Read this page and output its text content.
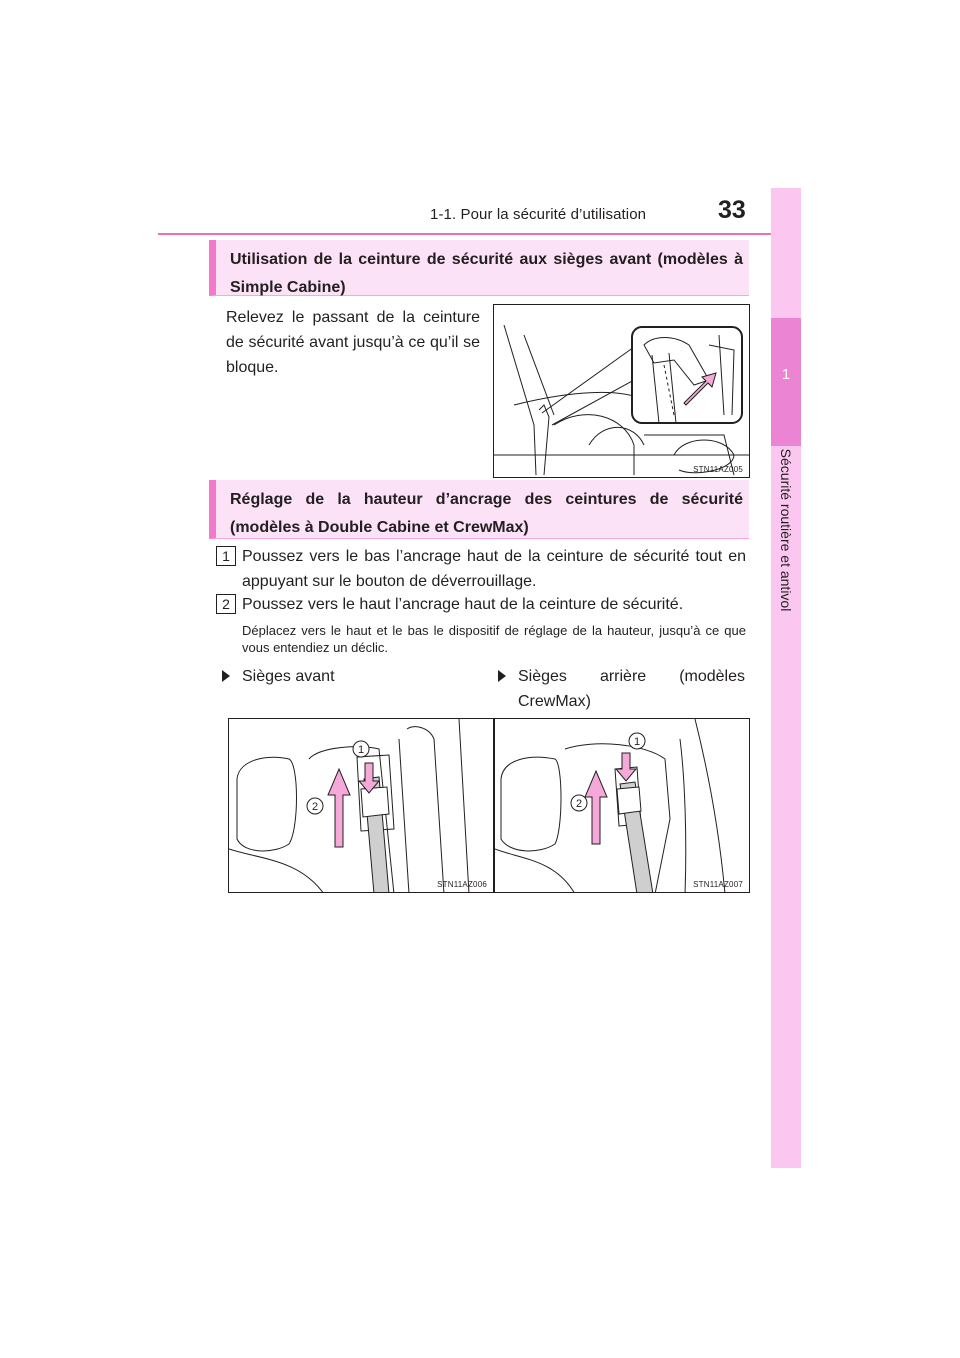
1-1. Pour la sécurité d’utilisation	33
1
Sécurité routière et antivol
Utilisation de la ceinture de sécurité aux sièges avant (modèles à Simple Cabine)
Relevez le passant de la ceinture de sécurité avant jusqu’à ce qu’il se bloque.
STN11AZ005
Réglage de la hauteur d’ancrage des ceintures de sécurité (modèles à Double Cabine et CrewMax)
1 Poussez vers le bas l’ancrage haut de la ceinture de sécurité tout en appuyant sur le bouton de déverrouillage.
2 Poussez vers le haut l’ancrage haut de la ceinture de sécurité.
Déplacez vers le haut et le bas le dispositif de réglage de la hauteur, jusqu’à ce que vous entendiez un déclic.
Sièges avant	Sièges arrière (modèles CrewMax)
1
2
STN11AZ006
1
2
STN11AZ007
